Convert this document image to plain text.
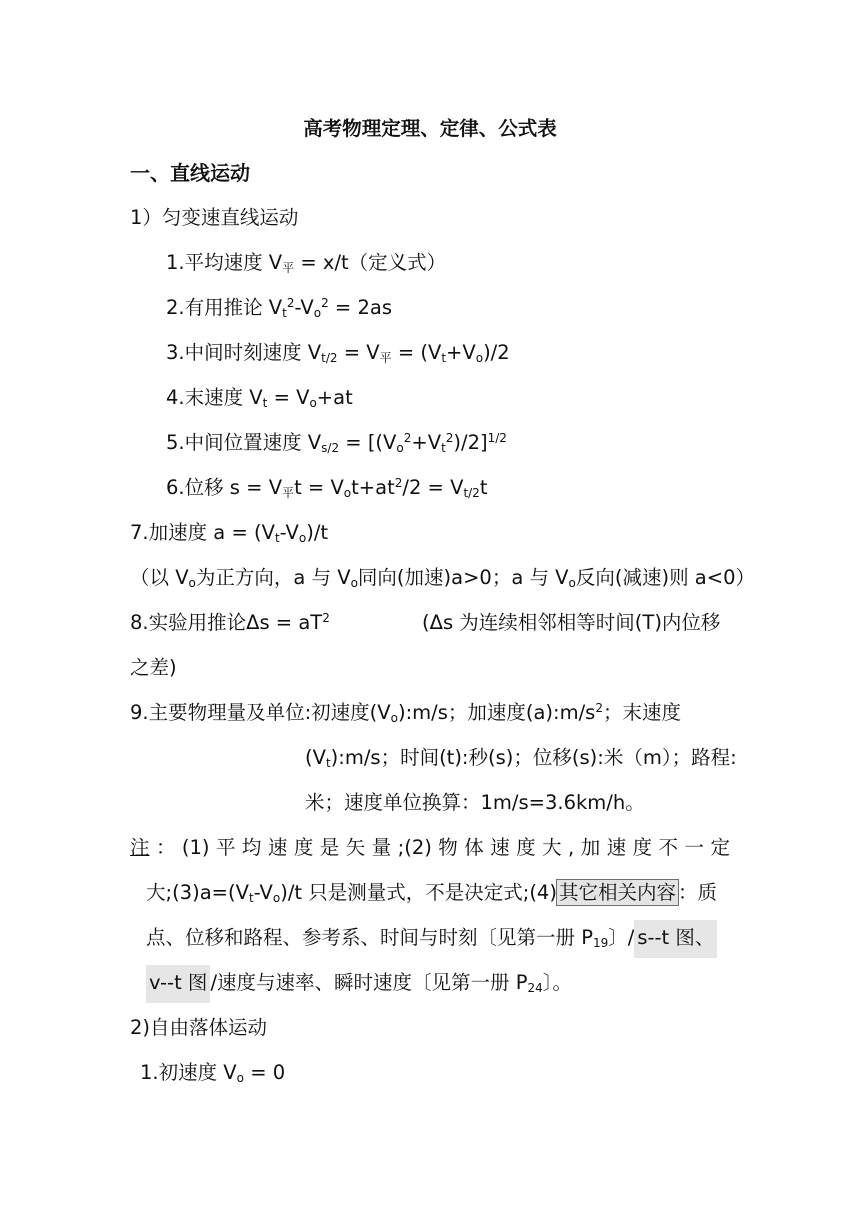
高考物理定理、定律、公式表
一、直线运动
1）匀变速直线运动
1.平均速度 V平 = x/t（定义式）
2.有用推论 $V_t^2-V_o^2 = 2as$
3.中间时刻速度 $V_{t/2} = V$平 = $(V_t+V_o)/2$
4.末速度 $V_t = V_o+at$
5.中间位置速度 $V_{s/2} = [(V_o^2+V_t^2)/2]^{1/2}$
6.位移 s = V平$t = V_ot+at^2/2 = V_{t/2}t$
7.加速度 $a = (V_t-V_o)/t$
（以 $V_o$为正方向，a 与 $V_o$同向(加速)a>0；a 与 $V_o$反向(减速)则 a<0）
8.实验用推论$\Delta s = aT^2$	(Δs 为连续相邻相等时间(T)内位移
之差)
9.主要物理量及单位:初速度$(V_o):m/s$；加速度$(a):m/s^2$；末速度
$(V_t):m/s$；时间(t):秒(s)；位移(s):米（m）；路程:
米；速度单位换算：1m/s=3.6km/h。
注 ： (1) 平 均 速 度 是 矢 量 ;(2) 物 体 速 度 大 , 加 速 度 不 一 定
大$;(3)a=(V_t-V_o)/t$ 只是测量式，不是决定式;(4) 其它相关内容 ：质
点、位移和路程、参考系、时间与时刻〔见第一册 $P_{19}$〕/ s--t 图、
v--t 图 /速度与速率、瞬时速度〔见第一册 $P_{24}$〕。
2)自由落体运动
1.初速度 $V_o = 0$
